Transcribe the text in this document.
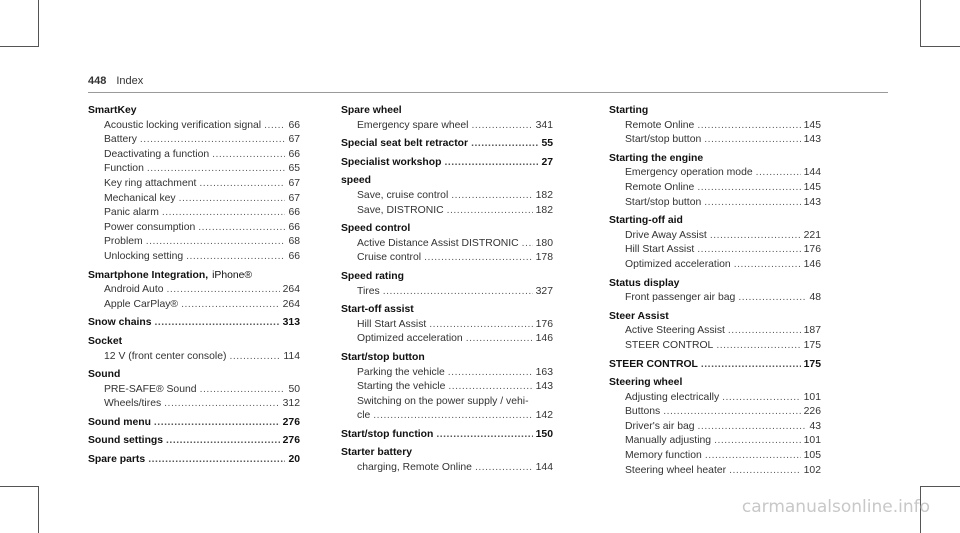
448 Index
SmartKey
Acoustic locking verification signal .....	66
Battery .....	67
Deactivating a function .....	66
Function .....	65
Key ring attachment .....	67
Mechanical key .....	67
Panic alarm .....	66
Power consumption .....	66
Problem .....	68
Unlocking setting .....	66
Smartphone Integration, iPhone®
Android Auto .....	264
Apple CarPlay® .....	264
Snow chains .....	313
Socket
12 V (front center console) .....	114
Sound
PRE-SAFE® Sound .....	50
Wheels/tires .....	312
Sound menu .....	276
Sound settings .....	276
Spare parts .....	20
Spare wheel
Emergency spare wheel .....	341
Special seat belt retractor .....	55
Specialist workshop .....	27
speed
Save, cruise control .....	182
Save, DISTRONIC .....	182
Speed control
Active Distance Assist DISTRONIC ..... 180
Cruise control .....	178
Speed rating
Tires .....	327
Start-off assist
Hill Start Assist .....	176
Optimized acceleration .....	146
Start/stop button
Parking the vehicle .....	163
Starting the vehicle .....	143
Switching on the power supply / vehi-
cle .....	142
Start/stop function .....	150
Starter battery
charging, Remote Online .....	144
Starting
Remote Online .....	145
Start/stop button .....	143
Starting the engine
Emergency operation mode .....	144
Remote Online .....	145
Start/stop button .....	143
Starting-off aid
Drive Away Assist .....	221
Hill Start Assist .....	176
Optimized acceleration .....	146
Status display
Front passenger air bag .....	48
Steer Assist
Active Steering Assist .....	187
STEER CONTROL .....	175
STEER CONTROL .....	175
Steering wheel
Adjusting electrically .....	101
Buttons .....	226
Driver's air bag .....	43
Manually adjusting .....	101
Memory function .....	105
Steering wheel heater .....	102
carmanualsonline.info
